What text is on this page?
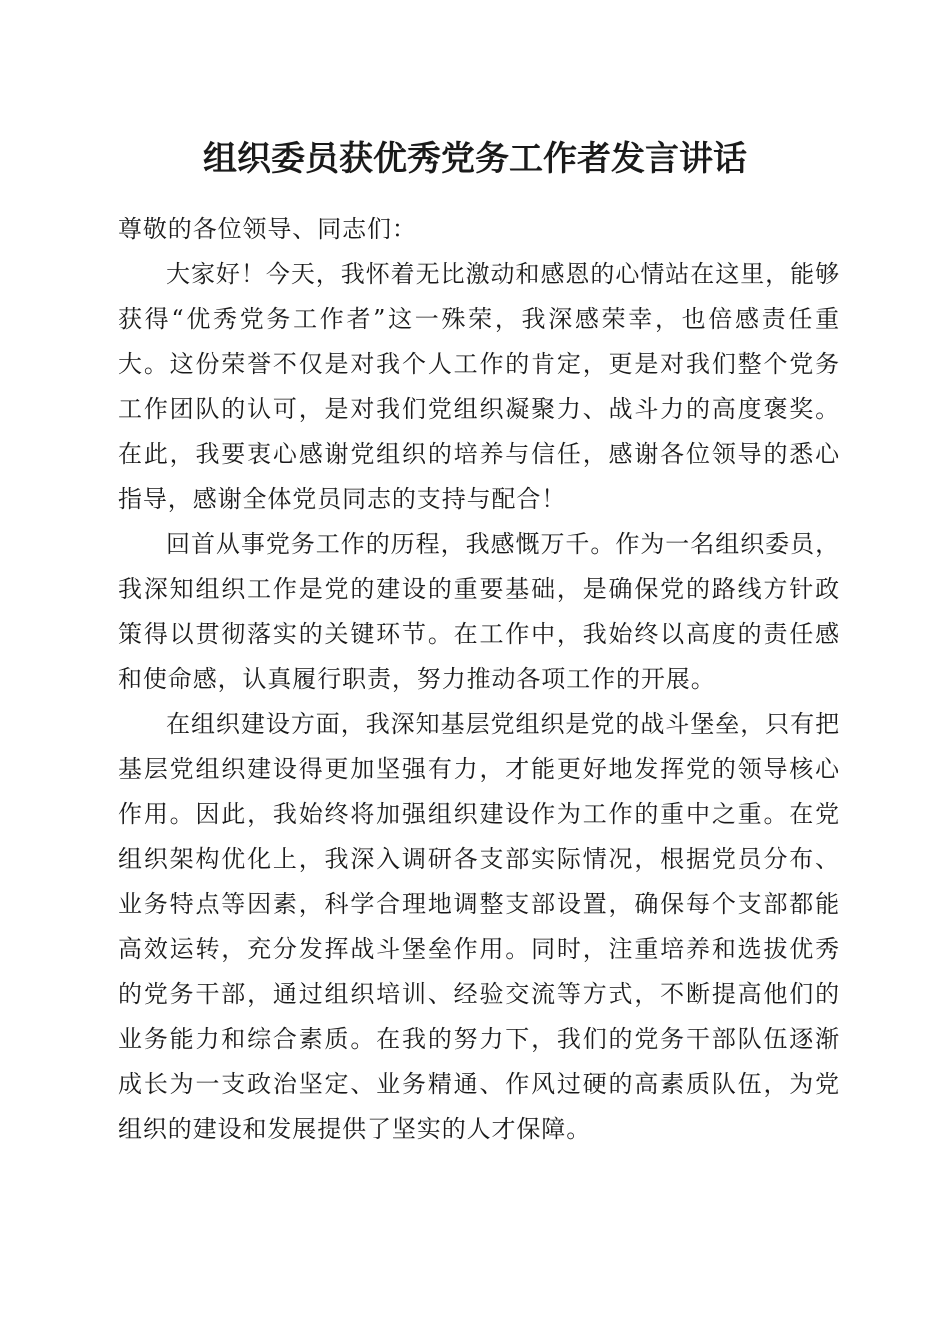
组织委员获优秀党务工作者发言讲话

尊敬的各位领导、同志们：

大家好！今天，我怀着无比激动和感恩的心情站在这里，能够获得“优秀党务工作者”这一殊荣，我深感荣幸，也倍感责任重大。这份荣誉不仅是对我个人工作的肯定，更是对我们整个党务工作团队的认可，是对我们党组织凝聚力、战斗力的高度褒奖。在此，我要衷心感谢党组织的培养与信任，感谢各位领导的悉心指导，感谢全体党员同志的支持与配合！

回首从事党务工作的历程，我感慨万千。作为一名组织委员，我深知组织工作是党的建设的重要基础，是确保党的路线方针政策得以贯彻落实的关键环节。在工作中，我始终以高度的责任感和使命感，认真履行职责，努力推动各项工作的开展。

在组织建设方面，我深知基层党组织是党的战斗堡垒，只有把基层党组织建设得更加坚强有力，才能更好地发挥党的领导核心作用。因此，我始终将加强组织建设作为工作的重中之重。在党组织架构优化上，我深入调研各支部实际情况，根据党员分布、业务特点等因素，科学合理地调整支部设置，确保每个支部都能高效运转，充分发挥战斗堡垒作用。同时，注重培养和选拔优秀的党务干部，通过组织培训、经验交流等方式，不断提高他们的业务能力和综合素质。在我的努力下，我们的党务干部队伍逐渐成长为一支政治坚定、业务精通、作风过硬的高素质队伍，为党组织的建设和发展提供了坚实的人才保障。
